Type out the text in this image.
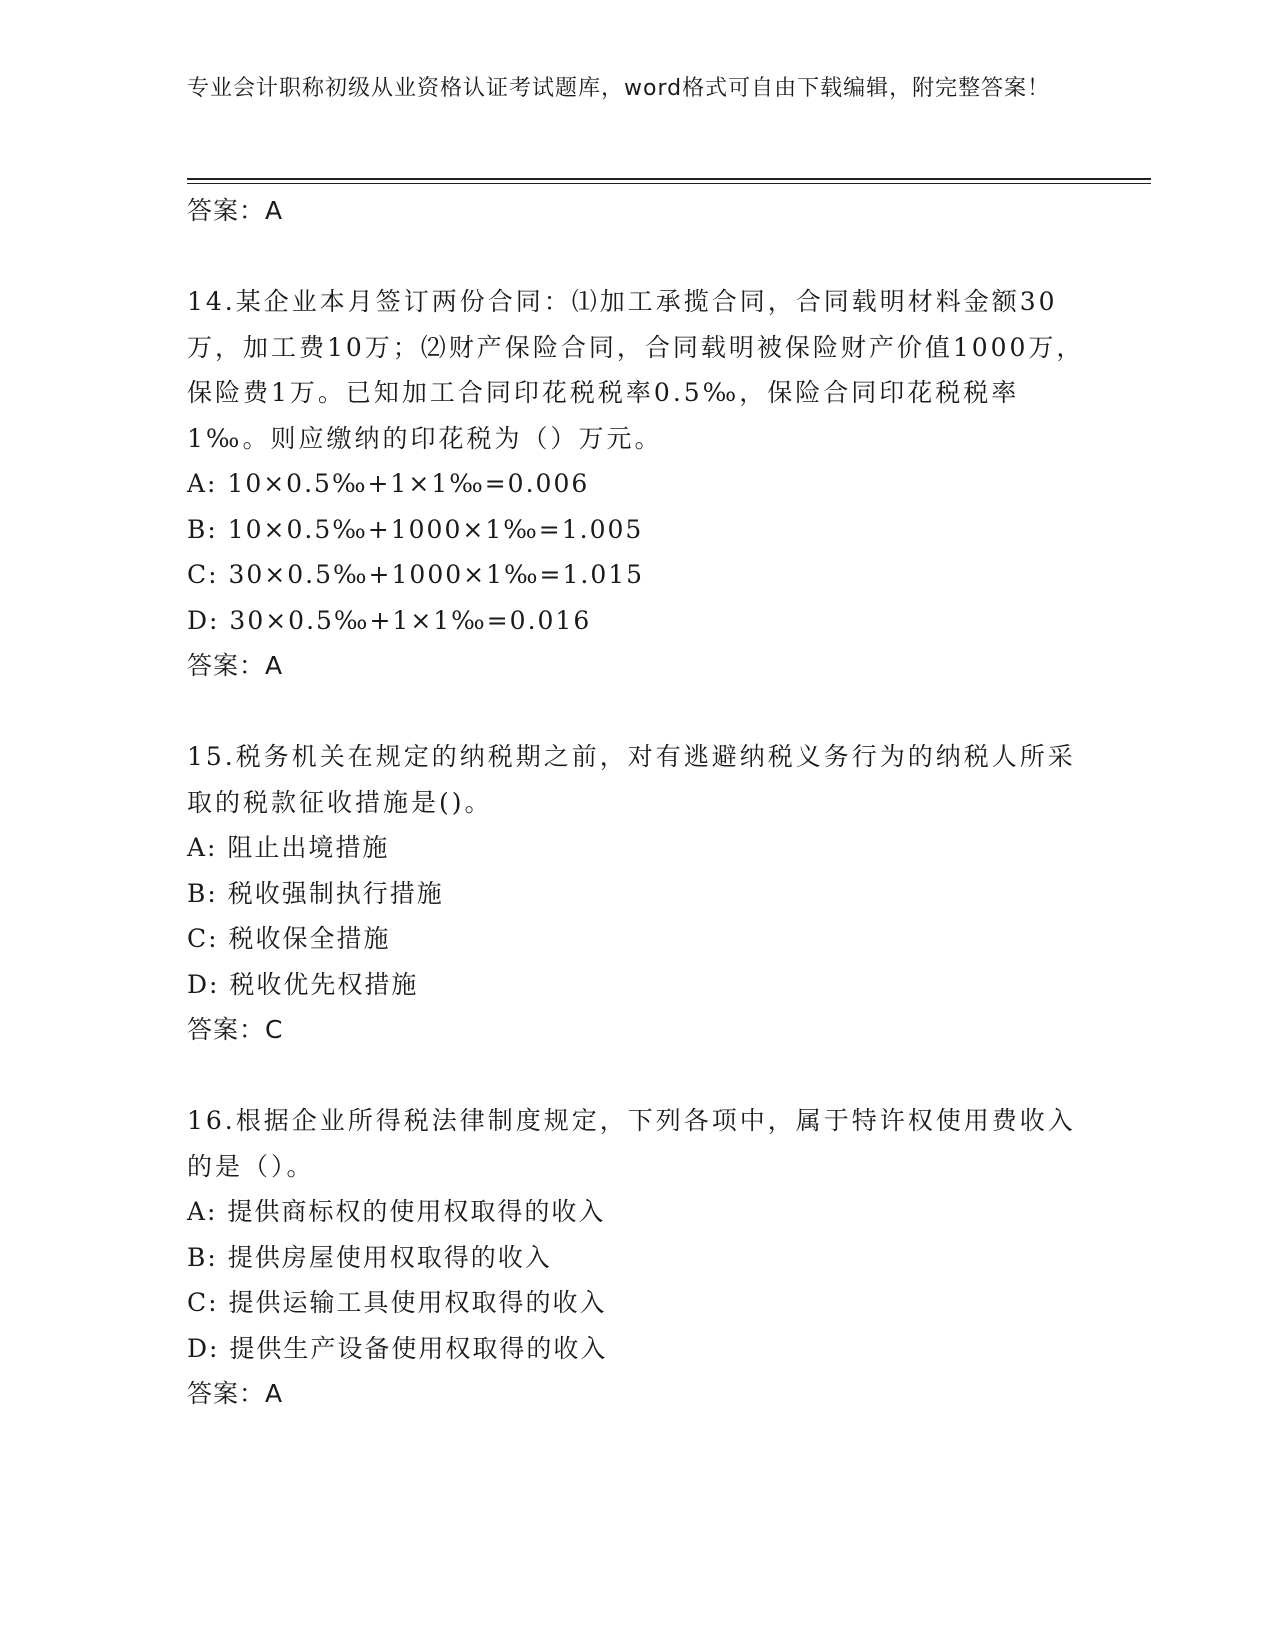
专业会计职称初级从业资格认证考试题库，word格式可自由下载编辑，附完整答案！
答案：A
14.某企业本月签订两份合同：⑴加工承揽合同，合同载明材料金额30万，加工费10万；⑵财产保险合同，合同载明被保险财产价值1000万，保险费1万。已知加工合同印花税税率0.5‰，保险合同印花税税率1‰。则应缴纳的印花税为（）万元。
A: 10×0.5‰+1×1‰=0.006
B: 10×0.5‰+1000×1‰=1.005
C: 30×0.5‰+1000×1‰=1.015
D: 30×0.5‰+1×1‰=0.016
答案：A
15.税务机关在规定的纳税期之前，对有逃避纳税义务行为的纳税人所采取的税款征收措施是()。
A: 阻止出境措施
B: 税收强制执行措施
C: 税收保全措施
D: 税收优先权措施
答案：C
16.根据企业所得税法律制度规定，下列各项中，属于特许权使用费收入的是（）。
A: 提供商标权的使用权取得的收入
B: 提供房屋使用权取得的收入
C: 提供运输工具使用权取得的收入
D: 提供生产设备使用权取得的收入
答案：A
